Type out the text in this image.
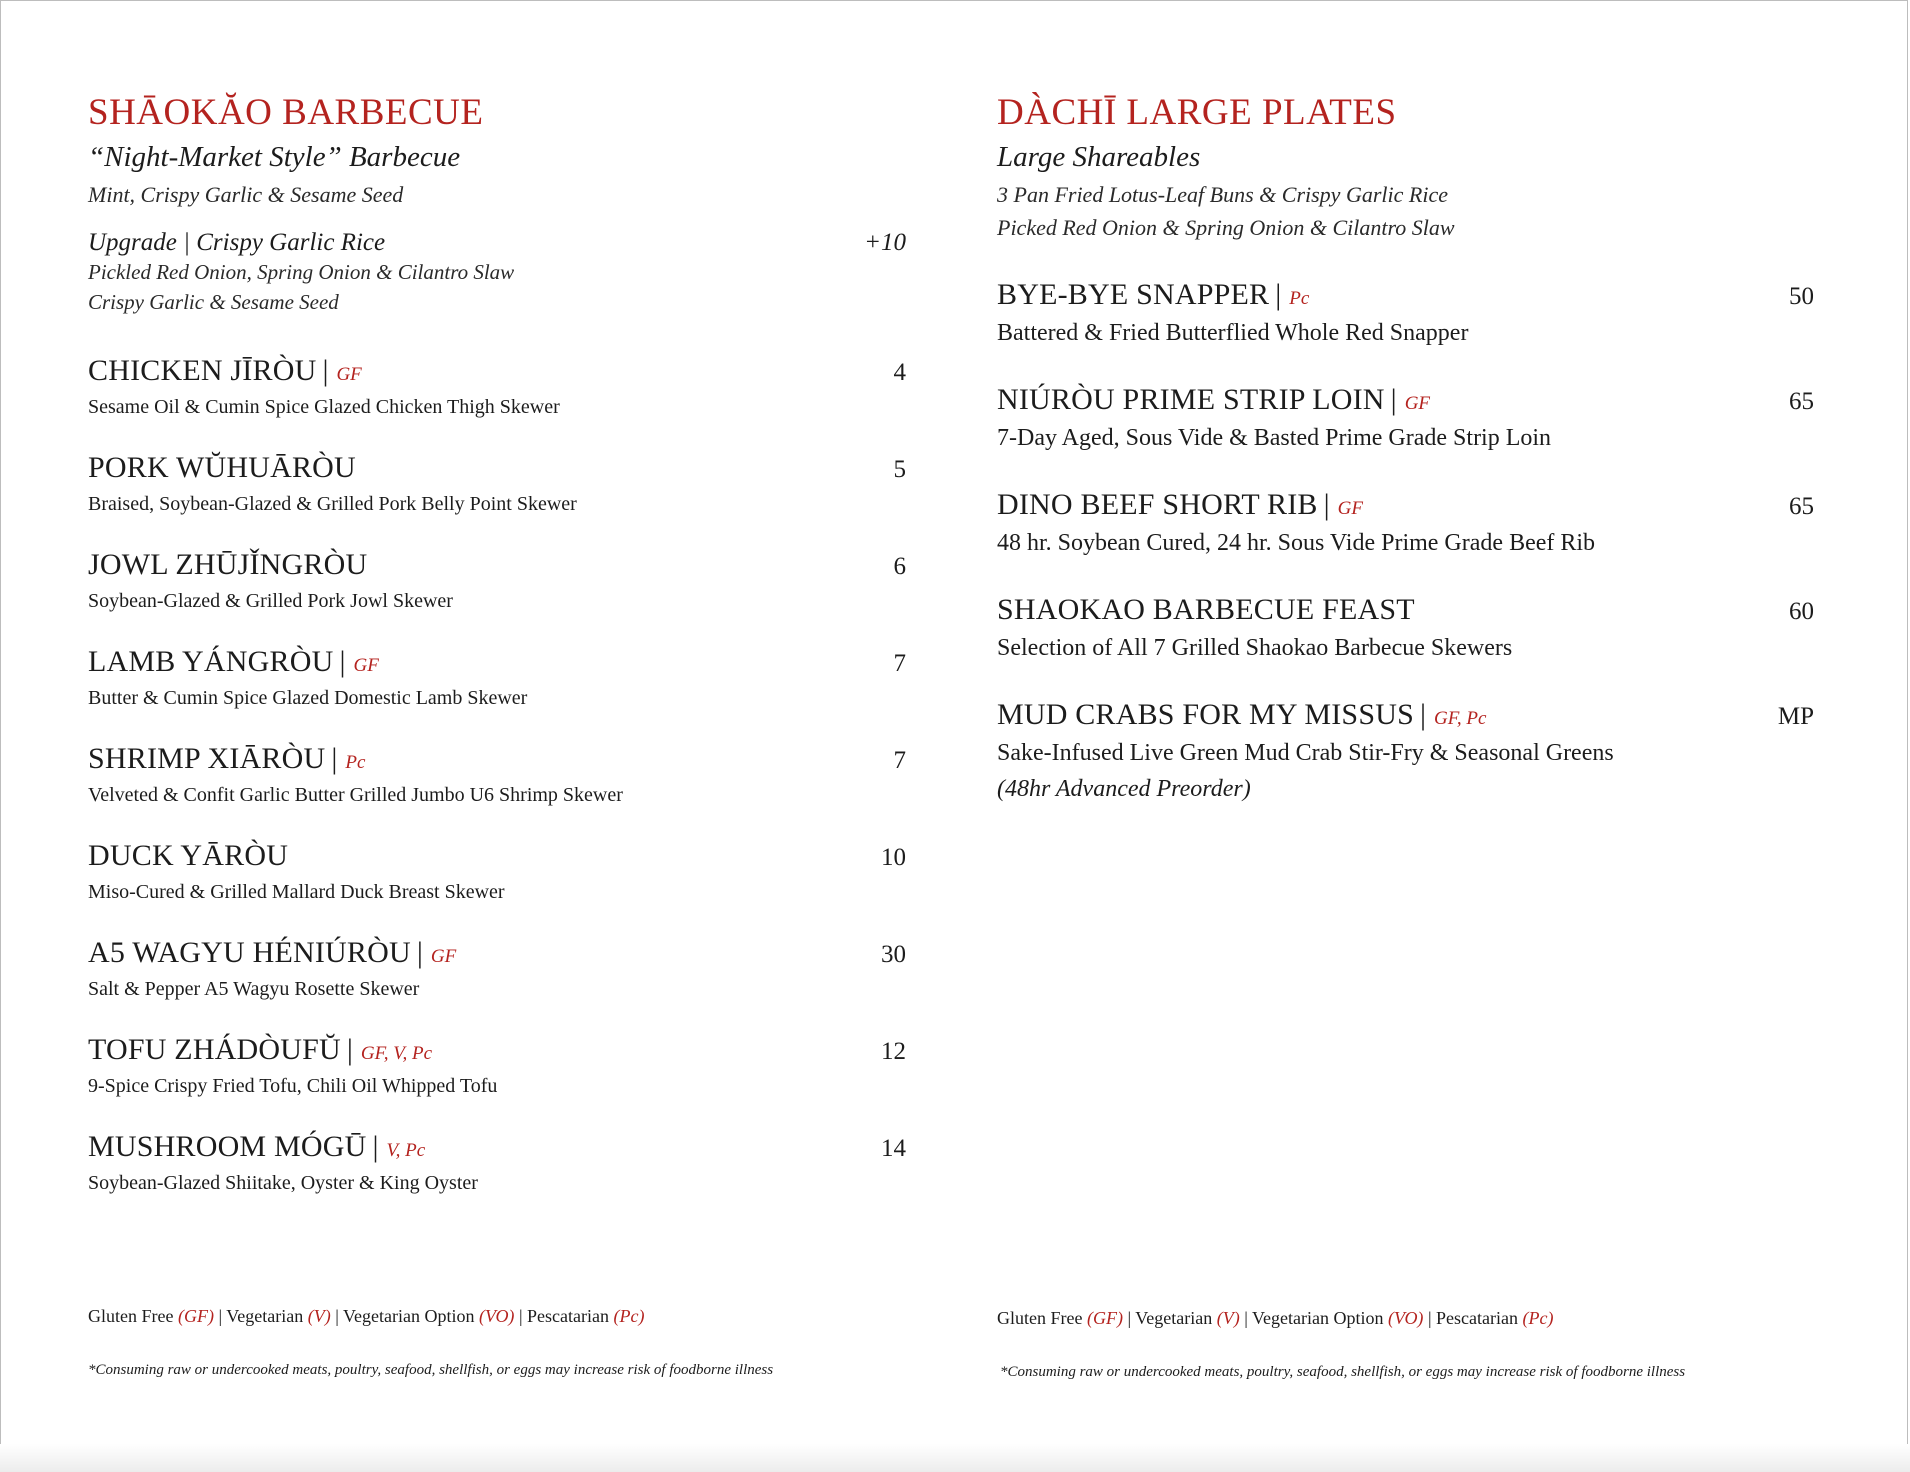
SHĀOKĂO BARBECUE
“Night-Market Style” Barbecue
Mint, Crispy Garlic & Sesame Seed
Upgrade | Crispy Garlic Rice	+10
Pickled Red Onion, Spring Onion & Cilantro Slaw
Crispy Garlic & Sesame Seed
CHICKEN JĪRÒU | GF	4
Sesame Oil & Cumin Spice Glazed Chicken Thigh Skewer
PORK WŬHUĀRÒU	5
Braised, Soybean-Glazed & Grilled Pork Belly Point Skewer
JOWL ZHŪJǏNGRÒU	6
Soybean-Glazed & Grilled Pork Jowl Skewer
LAMB YÁNGRÒU | GF	7
Butter & Cumin Spice Glazed Domestic Lamb Skewer
SHRIMP XIĀRÒU | Pc	7
Velveted & Confit Garlic Butter Grilled Jumbo U6 Shrimp Skewer
DUCK YĀRÒU	10
Miso-Cured & Grilled Mallard Duck Breast Skewer
A5 WAGYU HÉNIÚRÒU | GF	30
Salt & Pepper A5 Wagyu Rosette Skewer
TOFU ZHÁDÒUFŬ | GF, V, Pc	12
9-Spice Crispy Fried Tofu, Chili Oil Whipped Tofu
MUSHROOM MÓGŪ | V, Pc	14
Soybean-Glazed Shiitake, Oyster & King Oyster
DÀCHĪ LARGE PLATES
Large Shareables
3 Pan Fried Lotus-Leaf Buns & Crispy Garlic Rice
Picked Red Onion & Spring Onion & Cilantro Slaw
BYE-BYE SNAPPER | Pc	50
Battered & Fried Butterflied Whole Red Snapper
NIÚRÒU PRIME STRIP LOIN | GF	65
7-Day Aged, Sous Vide & Basted Prime Grade Strip Loin
DINO BEEF SHORT RIB | GF	65
48 hr. Soybean Cured, 24 hr. Sous Vide Prime Grade Beef Rib
SHAOKAO BARBECUE FEAST	60
Selection of All 7 Grilled Shaokao Barbecue Skewers
MUD CRABS FOR MY MISSUS | GF, Pc	MP
Sake-Infused Live Green Mud Crab Stir-Fry & Seasonal Greens
(48hr Advanced Preorder)
Gluten Free (GF) | Vegetarian (V) | Vegetarian Option (VO) | Pescatarian (Pc)
*Consuming raw or undercooked meats, poultry, seafood, shellfish, or eggs may increase risk of foodborne illness
Gluten Free (GF) | Vegetarian (V) | Vegetarian Option (VO) | Pescatarian (Pc)
*Consuming raw or undercooked meats, poultry, seafood, shellfish, or eggs may increase risk of foodborne illness
